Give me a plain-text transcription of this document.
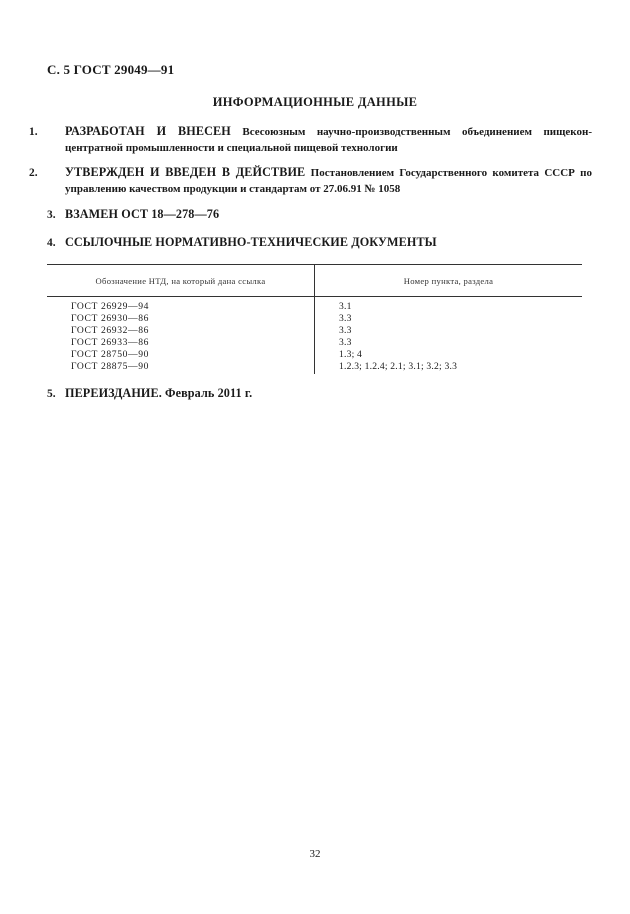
С. 5 ГОСТ 29049—91
ИНФОРМАЦИОННЫЕ ДАННЫЕ
1. РАЗРАБОТАН И ВНЕСЕН Всесоюзным научно-производственным объединением пищекон-центратной промышленности и специальной пищевой технологии
2. УТВЕРЖДЕН И ВВЕДЕН В ДЕЙСТВИЕ Постановлением Государственного комитета СССР по управлению качеством продукции и стандартам от 27.06.91 № 1058
3. ВЗАМЕН ОСТ 18—278—76
4. ССЫЛОЧНЫЕ НОРМАТИВНО-ТЕХНИЧЕСКИЕ ДОКУМЕНТЫ
Обозначение НТД, на который дана ссылка	Номер пункта, раздела
ГОСТ 26929—94	3.1
ГОСТ 26930—86	3.3
ГОСТ 26932—86	3.3
ГОСТ 26933—86	3.3
ГОСТ 28750—90	1.3; 4
ГОСТ 28875—90	1.2.3; 1.2.4; 2.1; 3.1; 3.2; 3.3
5. ПЕРЕИЗДАНИЕ. Февраль 2011 г.
32
